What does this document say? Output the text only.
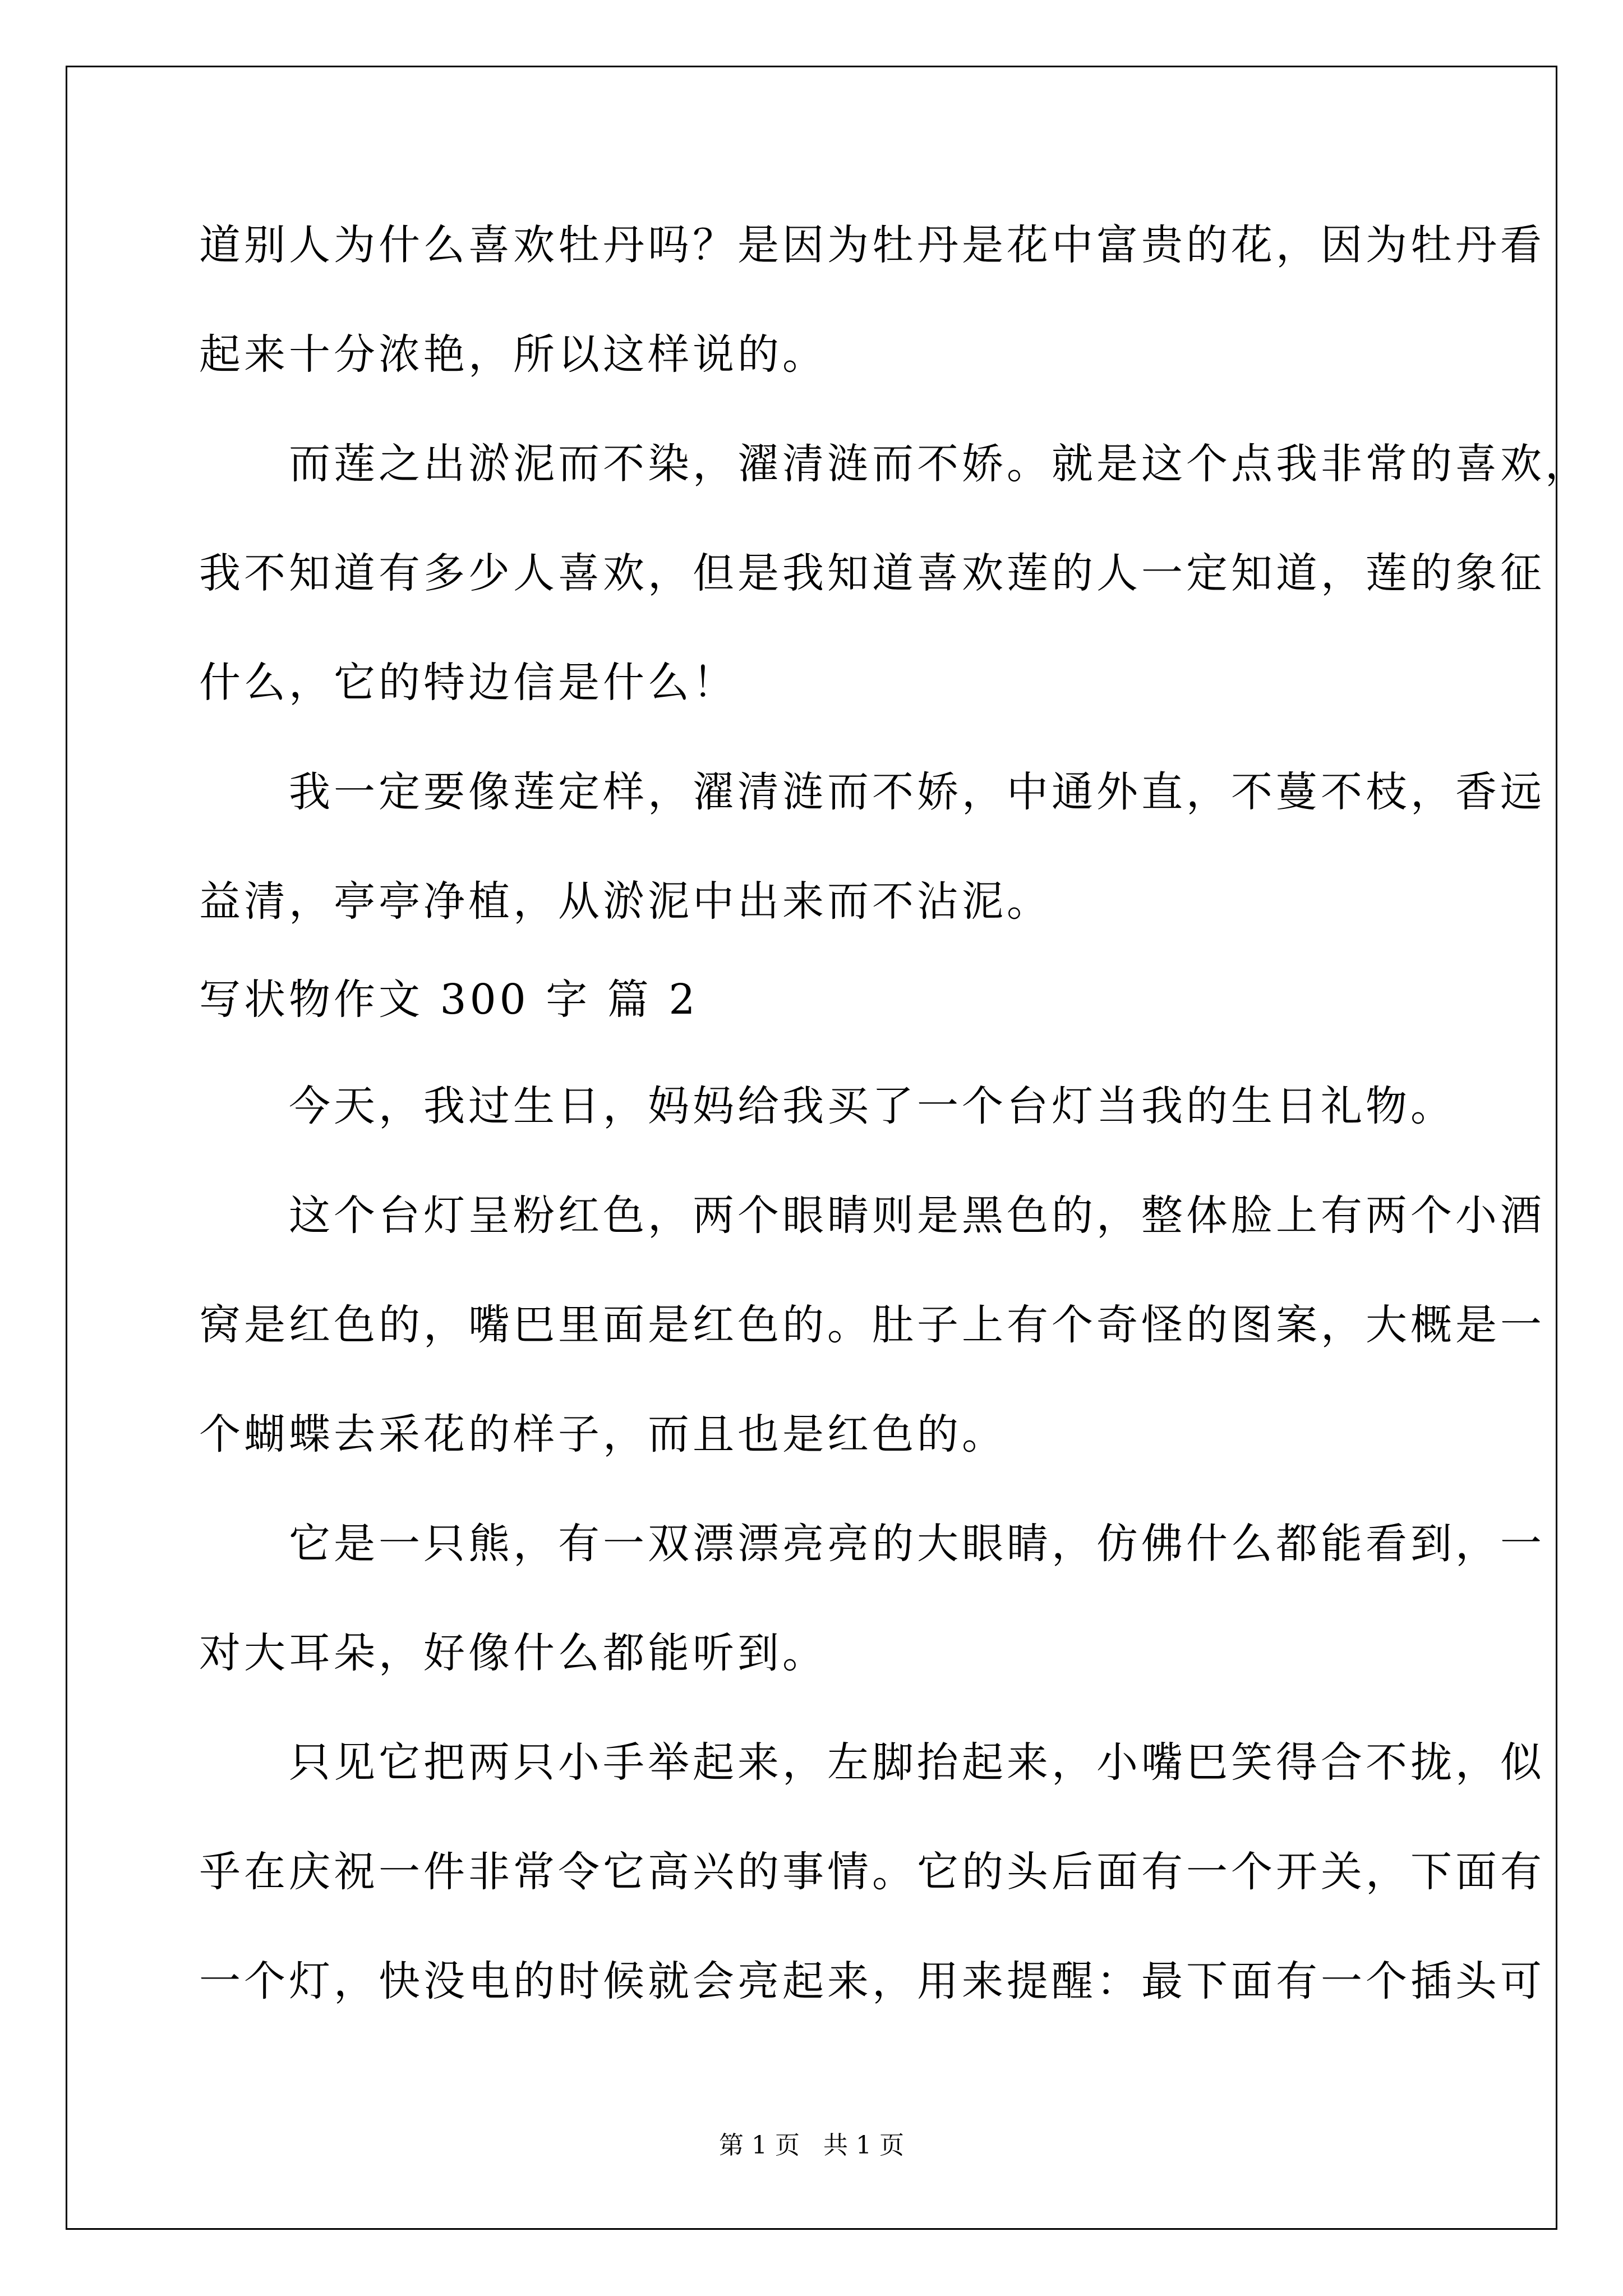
道别人为什么喜欢牡丹吗？是因为牡丹是花中富贵的花，因为牡丹看
起来十分浓艳，所以这样说的。
　　而莲之出淤泥而不染，濯清涟而不娇。就是这个点我非常的喜欢，
我不知道有多少人喜欢，但是我知道喜欢莲的人一定知道，莲的象征
什么，它的特边信是什么！
　　我一定要像莲定样，濯清涟而不娇，中通外直，不蔓不枝，香远
益清，亭亭净植，从淤泥中出来而不沾泥。
写状物作文 300 字 篇 2
　　今天，我过生日，妈妈给我买了一个台灯当我的生日礼物。
　　这个台灯呈粉红色，两个眼睛则是黑色的，整体脸上有两个小酒
窝是红色的，嘴巴里面是红色的。肚子上有个奇怪的图案，大概是一
个蝴蝶去采花的样子，而且也是红色的。
　　它是一只熊，有一双漂漂亮亮的大眼睛，仿佛什么都能看到，一
对大耳朵，好像什么都能听到。
　　只见它把两只小手举起来，左脚抬起来，小嘴巴笑得合不拢，似
乎在庆祝一件非常令它高兴的事情。它的头后面有一个开关，下面有
一个灯，快没电的时候就会亮起来，用来提醒：最下面有一个插头可
第 1 页 共 1 页
